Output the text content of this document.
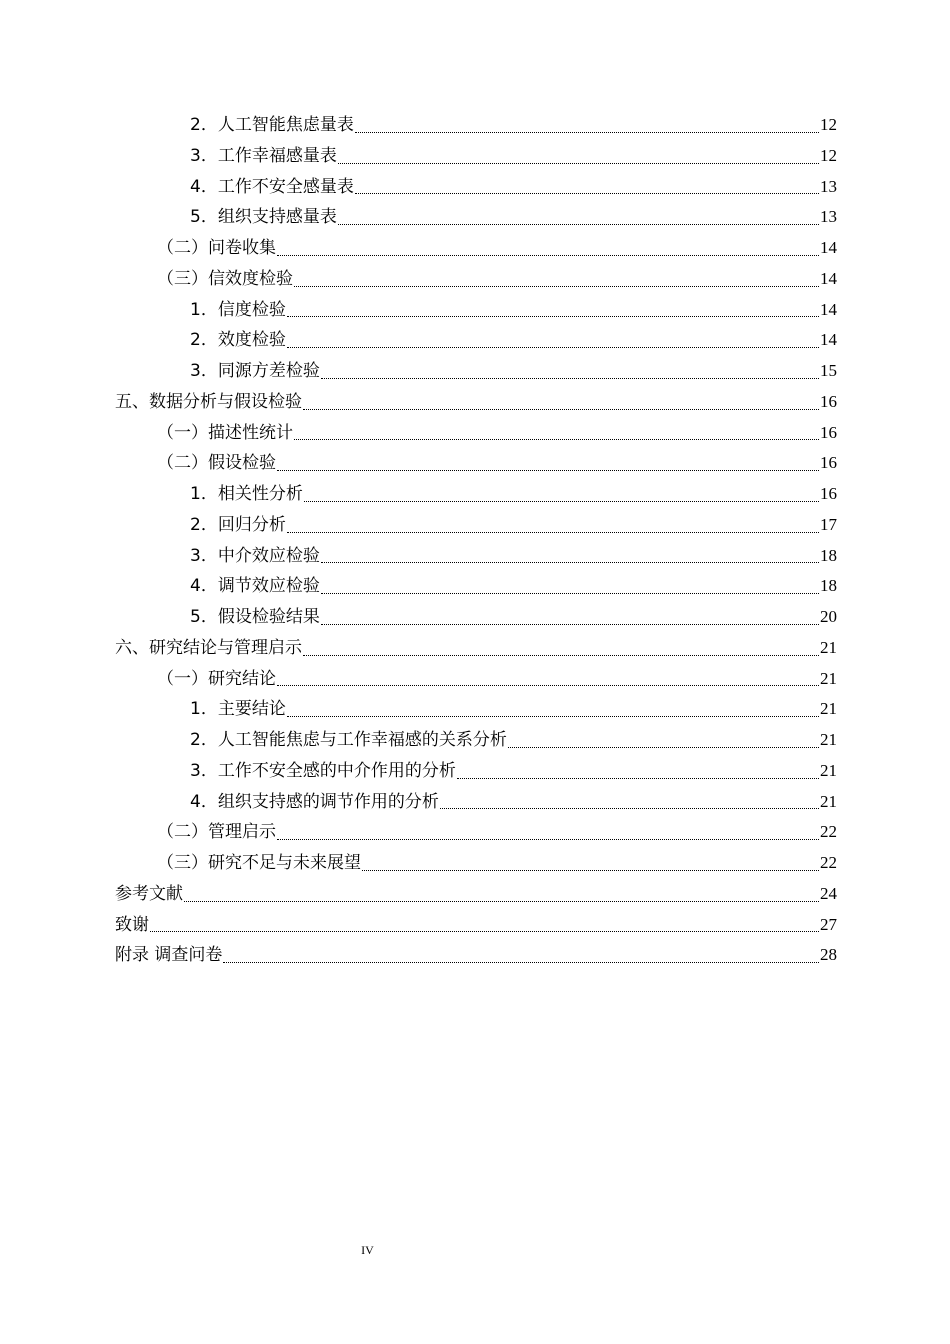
2．人工智能焦虑量表	12
3．工作幸福感量表	12
4．工作不安全感量表	13
5．组织支持感量表	13
（二）问卷收集	14
（三）信效度检验	14
1．信度检验	14
2．效度检验	14
3．同源方差检验	15
五、数据分析与假设检验	16
（一）描述性统计	16
（二）假设检验	16
1．相关性分析	16
2．回归分析	17
3．中介效应检验	18
4．调节效应检验	18
5．假设检验结果	20
六、研究结论与管理启示	21
（一）研究结论	21
1．主要结论	21
2．人工智能焦虑与工作幸福感的关系分析	21
3．工作不安全感的中介作用的分析	21
4．组织支持感的调节作用的分析	21
（二）管理启示	22
（三）研究不足与未来展望	22
参考文献	24
致谢	27
附录 调查问卷	28
IV
